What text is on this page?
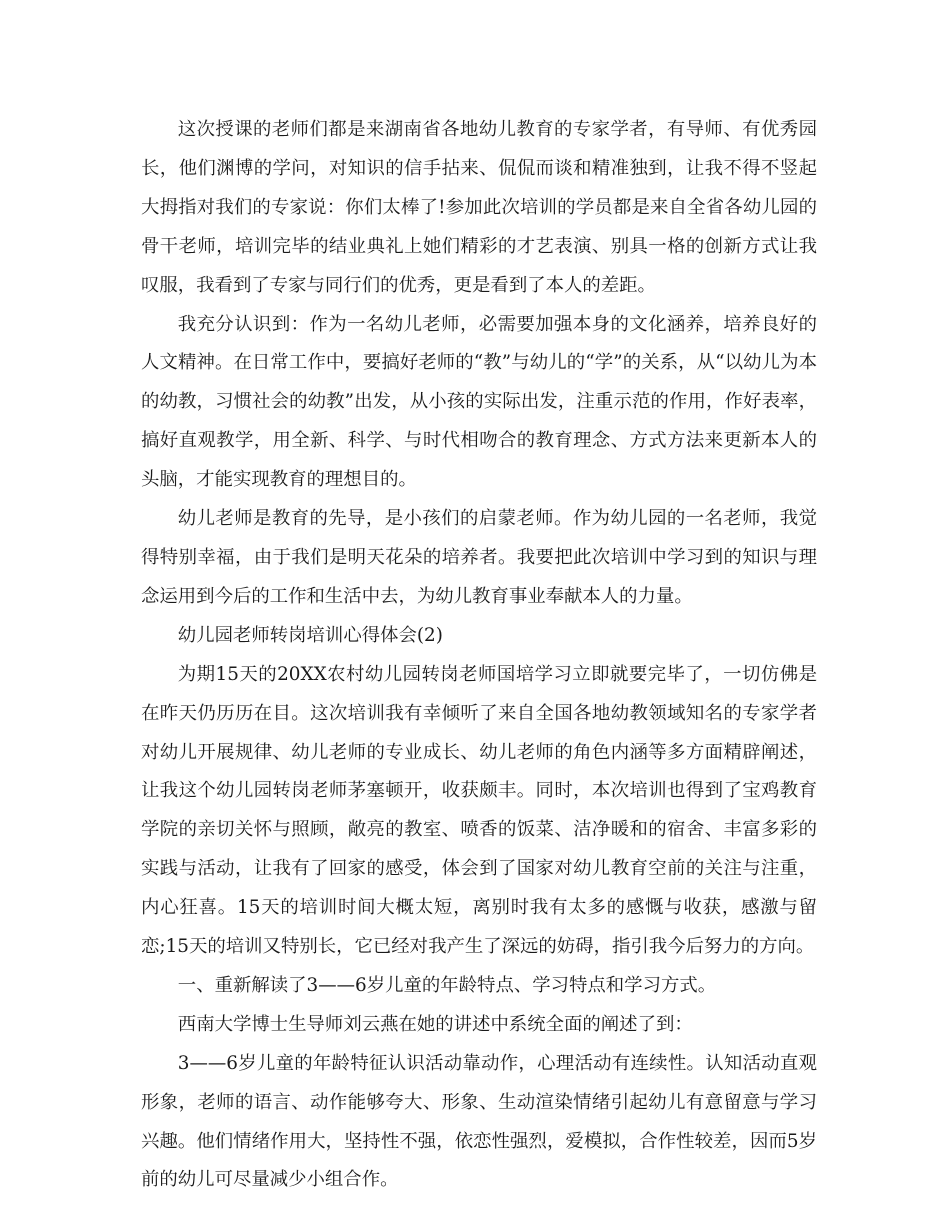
这次授课的老师们都是来湖南省各地幼儿教育的专家学者，有导师、有优秀园长，他们渊博的学问，对知识的信手拈来、侃侃而谈和精准独到，让我不得不竖起大拇指对我们的专家说：你们太棒了!参加此次培训的学员都是来自全省各幼儿园的骨干老师，培训完毕的结业典礼上她们精彩的才艺表演、别具一格的创新方式让我叹服，我看到了专家与同行们的优秀，更是看到了本人的差距。

我充分认识到：作为一名幼儿老师，必需要加强本身的文化涵养，培养良好的人文精神。在日常工作中，要搞好老师的“教”与幼儿的“学”的关系，从“以幼儿为本的幼教，习惯社会的幼教”出发，从小孩的实际出发，注重示范的作用，作好表率，搞好直观教学，用全新、科学、与时代相吻合的教育理念、方式方法来更新本人的头脑，才能实现教育的理想目的。

幼儿老师是教育的先导，是小孩们的启蒙老师。作为幼儿园的一名老师，我觉得特别幸福，由于我们是明天花朵的培养者。我要把此次培训中学习到的知识与理念运用到今后的工作和生活中去，为幼儿教育事业奉献本人的力量。

幼儿园老师转岗培训心得体会(2)

为期15天的20XX农村幼儿园转岗老师国培学习立即就要完毕了，一切仿佛是在昨天仍历历在目。这次培训我有幸倾听了来自全国各地幼教领域知名的专家学者对幼儿开展规律、幼儿老师的专业成长、幼儿老师的角色内涵等多方面精辟阐述，让我这个幼儿园转岗老师茅塞顿开，收获颇丰。同时，本次培训也得到了宝鸡教育学院的亲切关怀与照顾，敞亮的教室、喷香的饭菜、洁净暖和的宿舍、丰富多彩的实践与活动，让我有了回家的感受，体会到了国家对幼儿教育空前的关注与注重，内心狂喜。15天的培训时间大概太短，离别时我有太多的感慨与收获，感激与留恋;15天的培训又特别长，它已经对我产生了深远的妨碍，指引我今后努力的方向。

一、重新解读了3——6岁儿童的年龄特点、学习特点和学习方式。

西南大学博士生导师刘云燕在她的讲述中系统全面的阐述了到：

3——6岁儿童的年龄特征认识活动靠动作，心理活动有连续性。认知活动直观形象，老师的语言、动作能够夸大、形象、生动渲染情绪引起幼儿有意留意与学习兴趣。他们情绪作用大，坚持性不强，依恋性强烈，爱模拟，合作性较差，因而5岁前的幼儿可尽量减少小组合作。
